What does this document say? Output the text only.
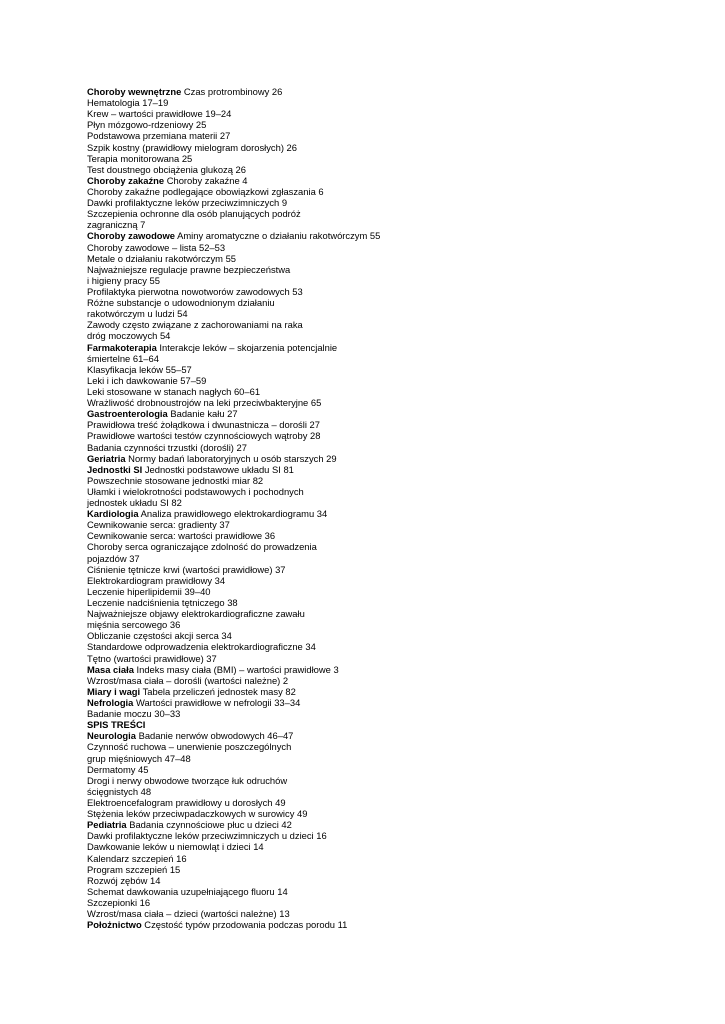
Choroby wewnętrzne Czas protrombinowy 26
Hematologia 17–19
Krew – wartości prawidłowe 19–24
Płyn mózgowo-rdzeniowy 25
Podstawowa przemiana materii 27
Szpik kostny (prawidłowy mielogram dorosłych) 26
Terapia monitorowana 25
Test doustnego obciążenia glukozą 26
Choroby zakaźne Choroby zakaźne 4
Choroby zakaźne podlegające obowiązkowi zgłaszania 6
Dawki profilaktyczne leków przeciwzimniczych 9
Szczepienia ochronne dla osób planujących podróż
zagraniczną 7
Choroby zawodowe Aminy aromatyczne o działaniu rakotwórczym 55
Choroby zawodowe – lista 52–53
Metale o działaniu rakotwórczym 55
Najważniejsze regulacje prawne bezpieczeństwa
i higieny pracy 55
Profilaktyka pierwotna nowotworów zawodowych 53
Różne substancje o udowodnionym działaniu
rakotwórczym u ludzi 54
Zawody często związane z zachorowaniami na raka
dróg moczowych 54
Farmakoterapia Interakcje leków – skojarzenia potencjalnie
śmiertelne 61–64
Klasyfikacja leków 55–57
Leki i ich dawkowanie 57–59
Leki stosowane w stanach nagłych 60–61
Wrażliwość drobnoustrojów na leki przeciwbakteryjne 65
Gastroenterologia Badanie kału 27
Prawidłowa treść żołądkowa i dwunastnicza – dorośli 27
Prawidłowe wartości testów czynnościowych wątroby 28
Badania czynności trzustki (dorośli) 27
Geriatria Normy badań laboratoryjnych u osób starszych 29
Jednostki SI Jednostki podstawowe układu SI 81
Powszechnie stosowane jednostki miar 82
Ułamki i wielokrotności podstawowych i pochodnych
jednostek układu SI 82
Kardiologia Analiza prawidłowego elektrokardiogramu 34
Cewnikowanie serca: gradienty 37
Cewnikowanie serca: wartości prawidłowe 36
Choroby serca ograniczające zdolność do prowadzenia
pojazdów 37
Ciśnienie tętnicze krwi (wartości prawidłowe) 37
Elektrokardiogram prawidłowy 34
Leczenie hiperlipidemii 39–40
Leczenie nadciśnienia tętniczego 38
Najważniejsze objawy elektrokardiograficzne zawału
mięśnia sercowego 36
Obliczanie częstości akcji serca 34
Standardowe odprowadzenia elektrokardiograficzne 34
Tętno (wartości prawidłowe) 37
Masa ciała Indeks masy ciała (BMI) – wartości prawidłowe 3
Wzrost/masa ciała – dorośli (wartości należne) 2
Miary i wagi Tabela przeliczeń jednostek masy 82
Nefrologia Wartości prawidłowe w nefrologii 33–34
Badanie moczu 30–33
SPIS TREŚCI
Neurologia Badanie nerwów obwodowych 46–47
Czynność ruchowa – unerwienie poszczególnych
grup mięśniowych 47–48
Dermatomy 45
Drogi i nerwy obwodowe tworzące łuk odruchów
ścięgnistych 48
Elektroencefalogram prawidłowy u dorosłych 49
Stężenia leków przeciwpadaczkowych w surowicy 49
Pediatria Badania czynnościowe płuc u dzieci 42
Dawki profilaktyczne leków przeciwzimniczych u dzieci 16
Dawkowanie leków u niemowląt i dzieci 14
Kalendarz szczepień 16
Program szczepień 15
Rozwój zębów 14
Schemat dawkowania uzupełniającego fluoru 14
Szczepionki 16
Wzrost/masa ciała – dzieci (wartości należne) 13
Położnictwo Częstość typów przodowania podczas porodu 11
